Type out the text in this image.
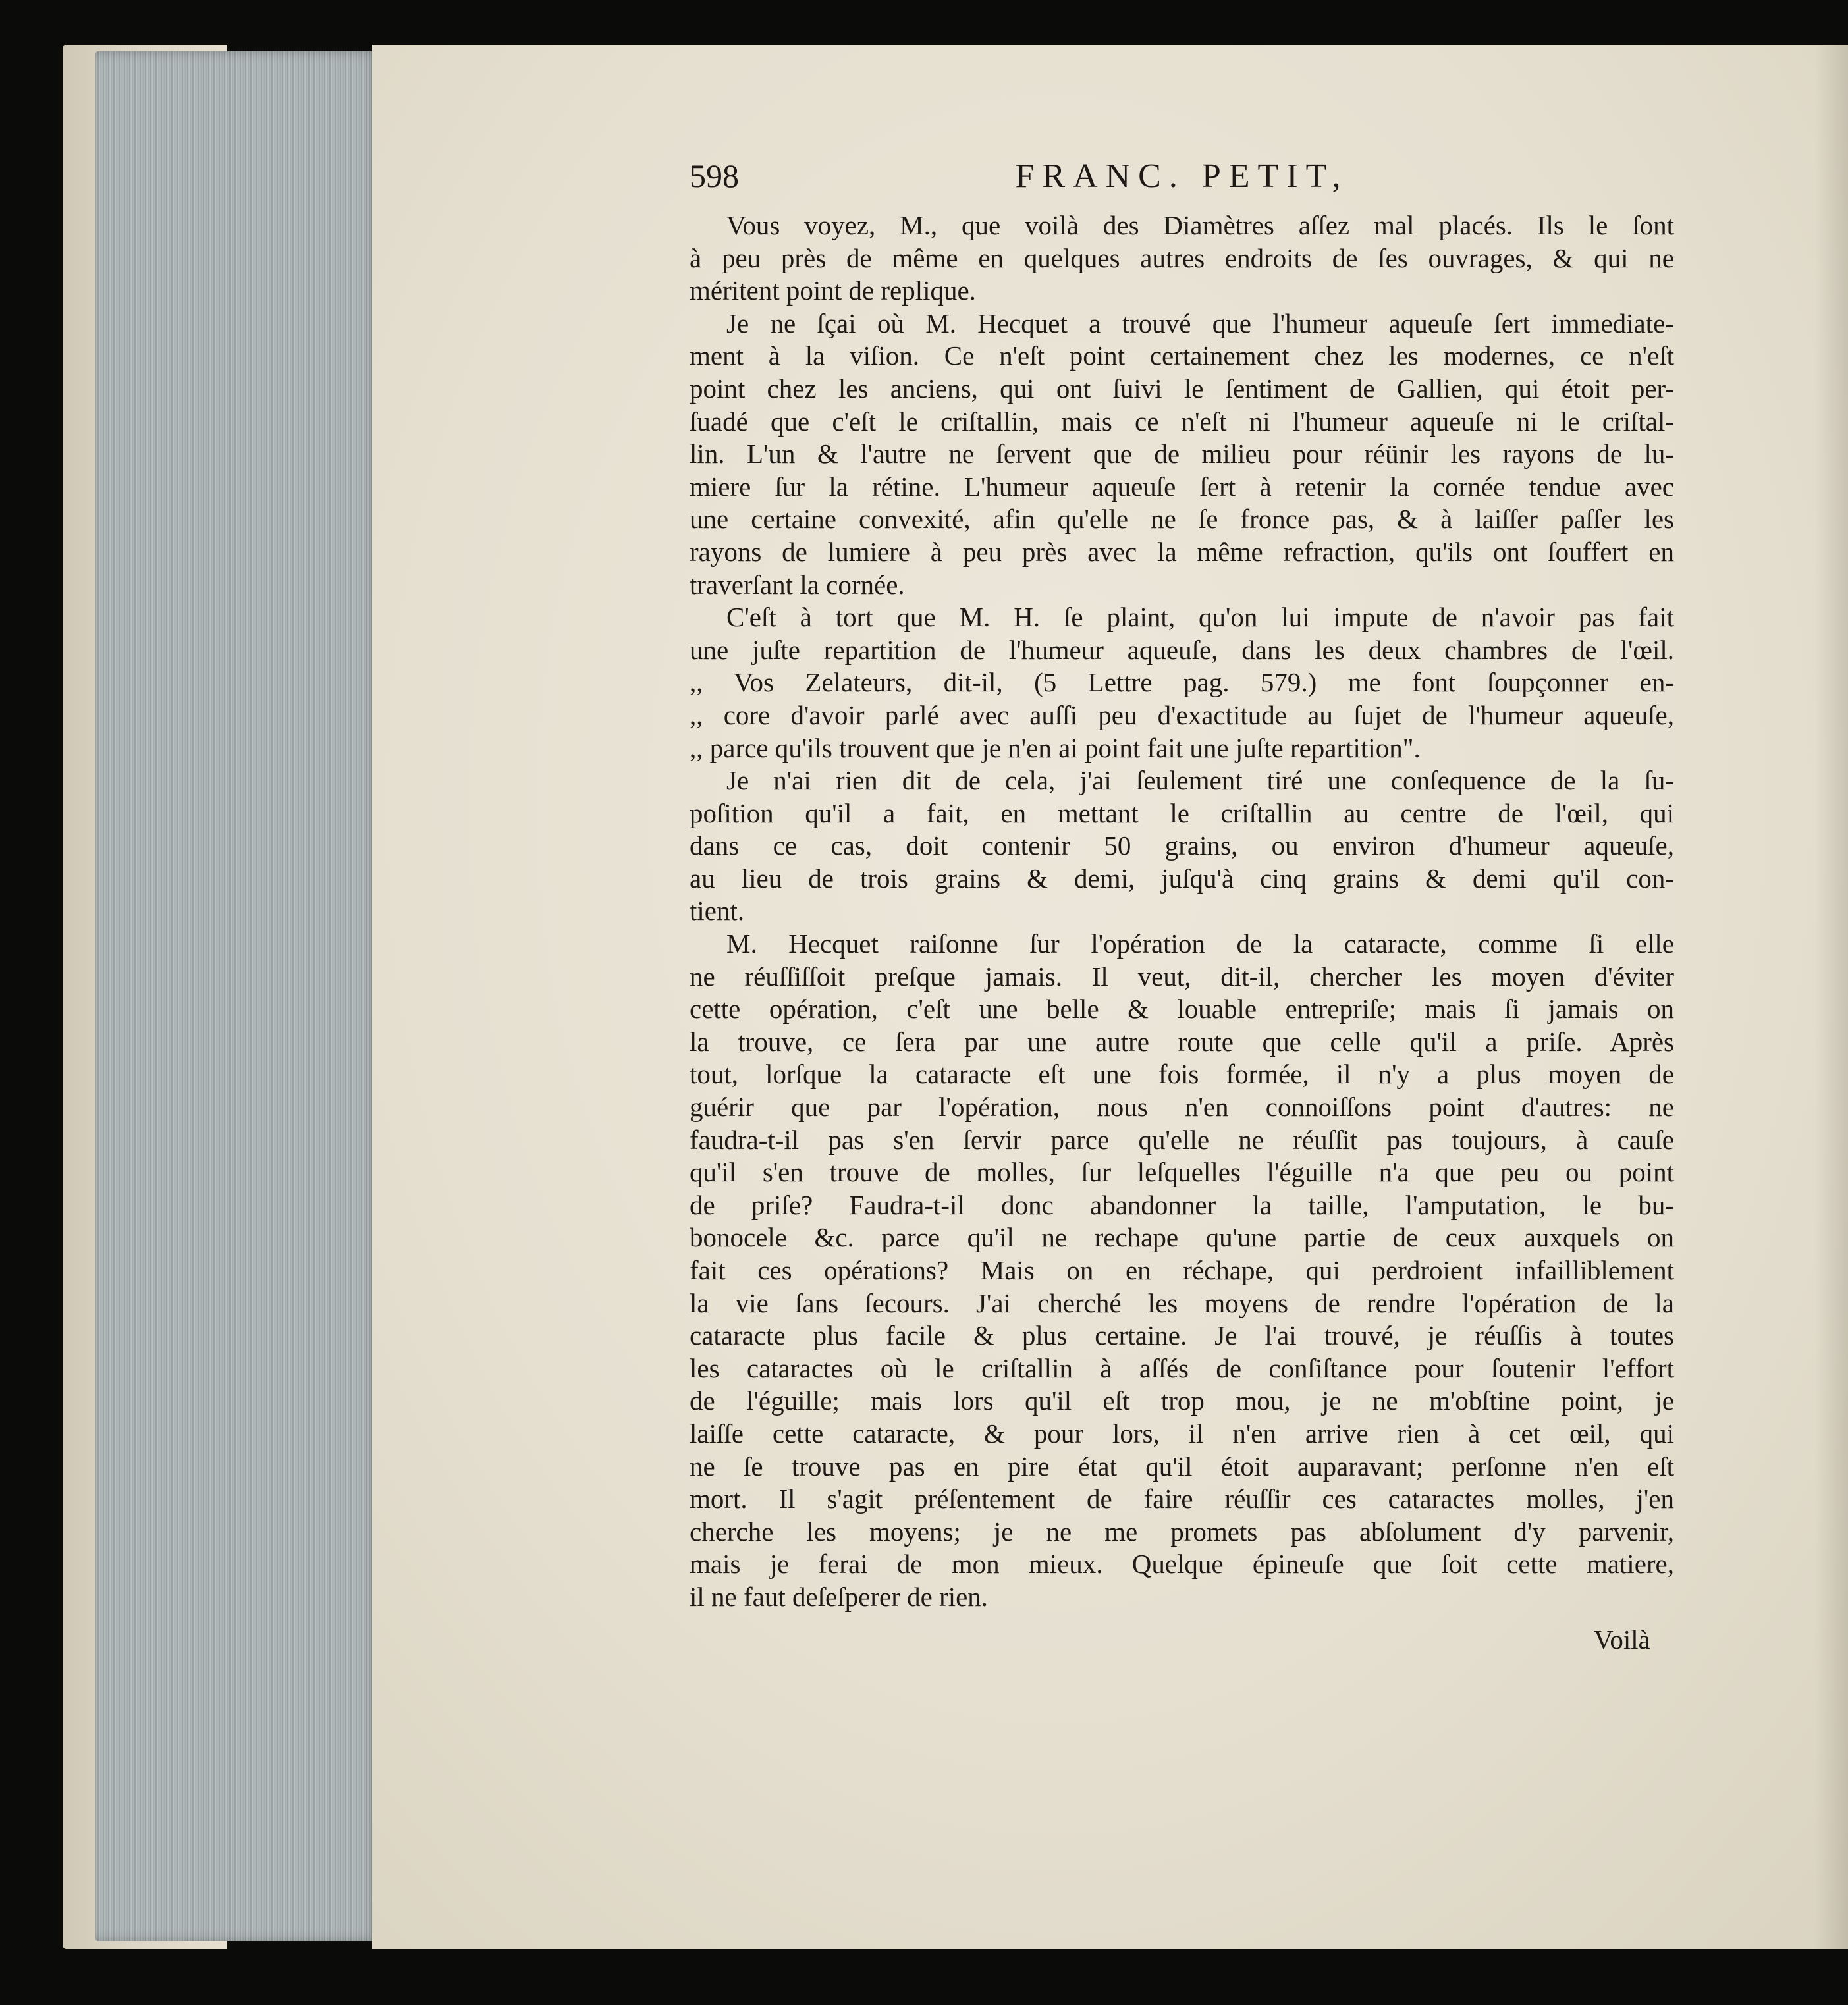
598	FRANC. PETIT,
Vous voyez, M., que voilà des Diamètres aſſez mal placés. Ils le ſont
à peu près de même en quelques autres endroits de ſes ouvrages, & qui ne
méritent point de replique.
Je ne ſçai où M. Hecquet a trouvé que l'humeur aqueuſe ſert immediate-
ment à la viſion. Ce n'eſt point certainement chez les modernes, ce n'eſt
point chez les anciens, qui ont ſuivi le ſentiment de Gallien, qui étoit per-
ſuadé que c'eſt le criſtallin, mais ce n'eſt ni l'humeur aqueuſe ni le criſtal-
lin. L'un & l'autre ne ſervent que de milieu pour réünir les rayons de lu-
miere ſur la rétine. L'humeur aqueuſe ſert à retenir la cornée tendue avec
une certaine convexité, afin qu'elle ne ſe fronce pas, & à laiſſer paſſer les
rayons de lumiere à peu près avec la même refraction, qu'ils ont ſouffert en
traverſant la cornée.
C'eſt à tort que M. H. ſe plaint, qu'on lui impute de n'avoir pas fait
une juſte repartition de l'humeur aqueuſe, dans les deux chambres de l'œil.
,, Vos Zelateurs, dit-il, (5 Lettre pag. 579.) me font ſoupçonner en-
,, core d'avoir parlé avec auſſi peu d'exactitude au ſujet de l'humeur aqueuſe,
,, parce qu'ils trouvent que je n'en ai point fait une juſte repartition".
Je n'ai rien dit de cela, j'ai ſeulement tiré une conſequence de la ſu-
poſition qu'il a fait, en mettant le criſtallin au centre de l'œil, qui
dans ce cas, doit contenir 50 grains, ou environ d'humeur aqueuſe,
au lieu de trois grains & demi, juſqu'à cinq grains & demi qu'il con-
tient.
M. Hecquet raiſonne ſur l'opération de la cataracte, comme ſi elle
ne réuſſiſſoit preſque jamais. Il veut, dit-il, chercher les moyen d'éviter
cette opération, c'eſt une belle & louable entrepriſe; mais ſi jamais on
la trouve, ce ſera par une autre route que celle qu'il a priſe. Après
tout, lorſque la cataracte eſt une fois formée, il n'y a plus moyen de
guérir que par l'opération, nous n'en connoiſſons point d'autres: ne
faudra-t-il pas s'en ſervir parce qu'elle ne réuſſit pas toujours, à cauſe
qu'il s'en trouve de molles, ſur leſquelles l'éguille n'a que peu ou point
de priſe? Faudra-t-il donc abandonner la taille, l'amputation, le bu-
bonocele &c. parce qu'il ne rechape qu'une partie de ceux auxquels on
fait ces opérations? Mais on en réchape, qui perdroient infailliblement
la vie ſans ſecours. J'ai cherché les moyens de rendre l'opération de la
cataracte plus facile & plus certaine. Je l'ai trouvé, je réuſſis à toutes
les cataractes où le criſtallin à aſſés de conſiſtance pour ſoutenir l'effort
de l'éguille; mais lors qu'il eſt trop mou, je ne m'obſtine point, je
laiſſe cette cataracte, & pour lors, il n'en arrive rien à cet œil, qui
ne ſe trouve pas en pire état qu'il étoit auparavant; perſonne n'en eſt
mort. Il s'agit préſentement de faire réuſſir ces cataractes molles, j'en
cherche les moyens; je ne me promets pas abſolument d'y parvenir,
mais je ferai de mon mieux. Quelque épineuſe que ſoit cette matiere,
il ne faut deſeſperer de rien.
Voilà
